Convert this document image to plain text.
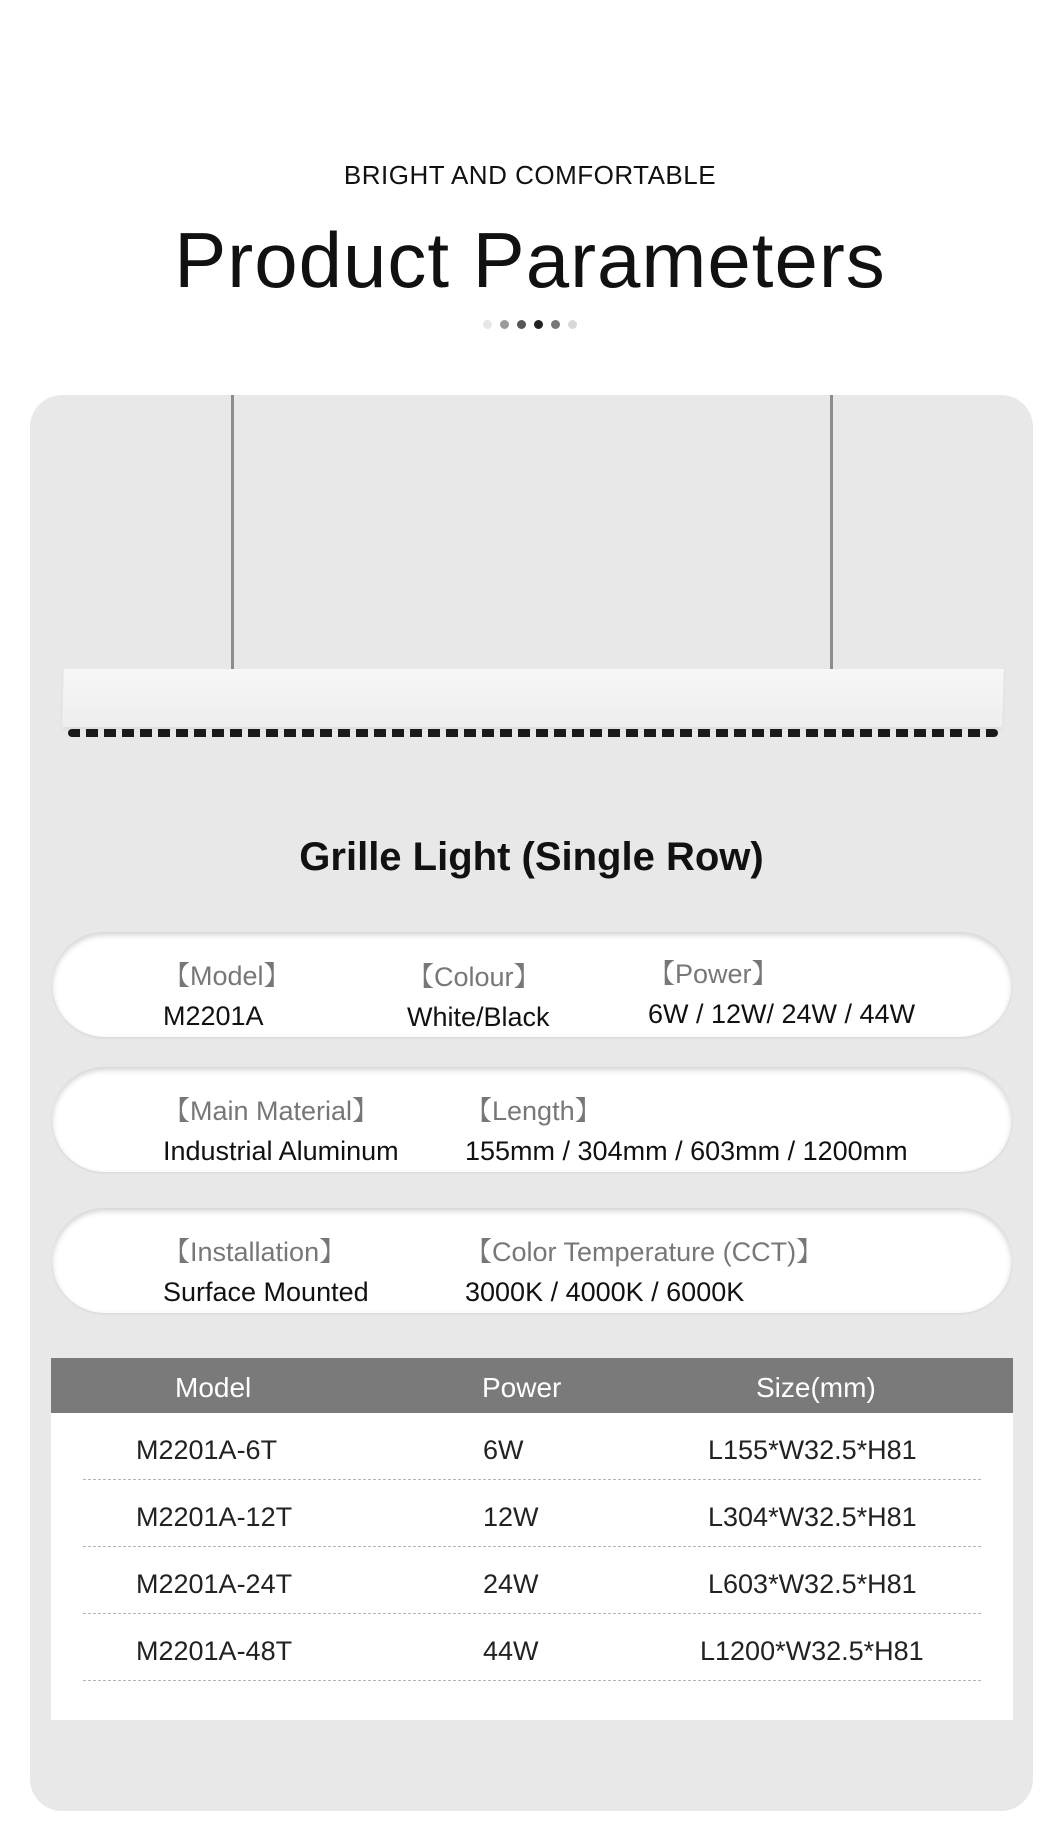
BRIGHT AND COMFORTABLE
Product Parameters
Grille Light (Single Row)
【Model】
M2201A
【Colour】
White/Black
【Power】
6W / 12W/ 24W / 44W
【Main Material】
Industrial Aluminum
【Length】
155mm / 304mm / 603mm / 1200mm
【Installation】
Surface Mounted
【Color Temperature (CCT)】
3000K / 4000K / 6000K
Model	Power	Size(mm)
M2201A-6T	6W	L155*W32.5*H81
M2201A-12T	12W	L304*W32.5*H81
M2201A-24T	24W	L603*W32.5*H81
M2201A-48T	44W	L1200*W32.5*H81
